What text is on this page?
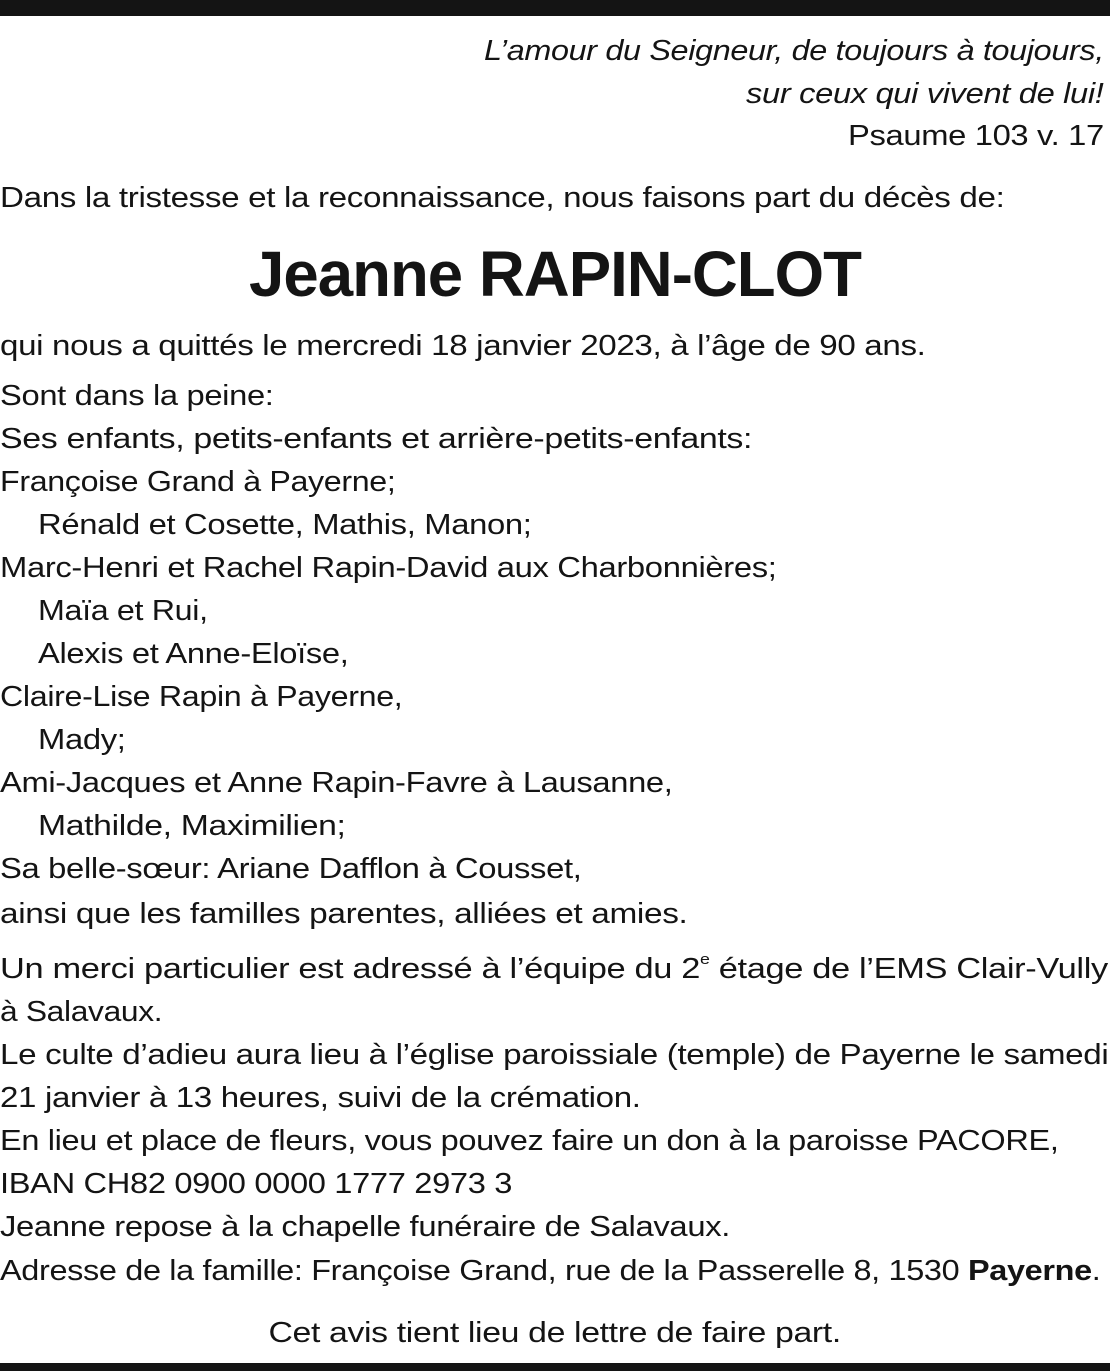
L’amour du Seigneur, de toujours à toujours,
sur ceux qui vivent de lui!
Psaume 103 v. 17
Dans la tristesse et la reconnaissance, nous faisons part du décès de:
Jeanne RAPIN-CLOT
qui nous a quittés le mercredi 18 janvier 2023, à l’âge de 90 ans.
Sont dans la peine:
Ses enfants, petits-enfants et arrière-petits-enfants:
Françoise Grand à Payerne;
Rénald et Cosette, Mathis, Manon;
Marc-Henri et Rachel Rapin-David aux Charbonnières;
Maïa et Rui,
Alexis et Anne-Eloïse,
Claire-Lise Rapin à Payerne,
Mady;
Ami-Jacques et Anne Rapin-Favre à Lausanne,
Mathilde, Maximilien;
Sa belle-sœur: Ariane Dafflon à Cousset,
ainsi que les familles parentes, alliées et amies.
Un merci particulier est adressé à l’équipe du 2e étage de l’EMS Clair-Vully
à Salavaux.
Le culte d’adieu aura lieu à l’église paroissiale (temple) de Payerne le samedi
21 janvier à 13 heures, suivi de la crémation.
En lieu et place de fleurs, vous pouvez faire un don à la paroisse PACORE,
IBAN CH82 0900 0000 1777 2973 3
Jeanne repose à la chapelle funéraire de Salavaux.
Adresse de la famille: Françoise Grand, rue de la Passerelle 8, 1530 Payerne.
Cet avis tient lieu de lettre de faire part.
